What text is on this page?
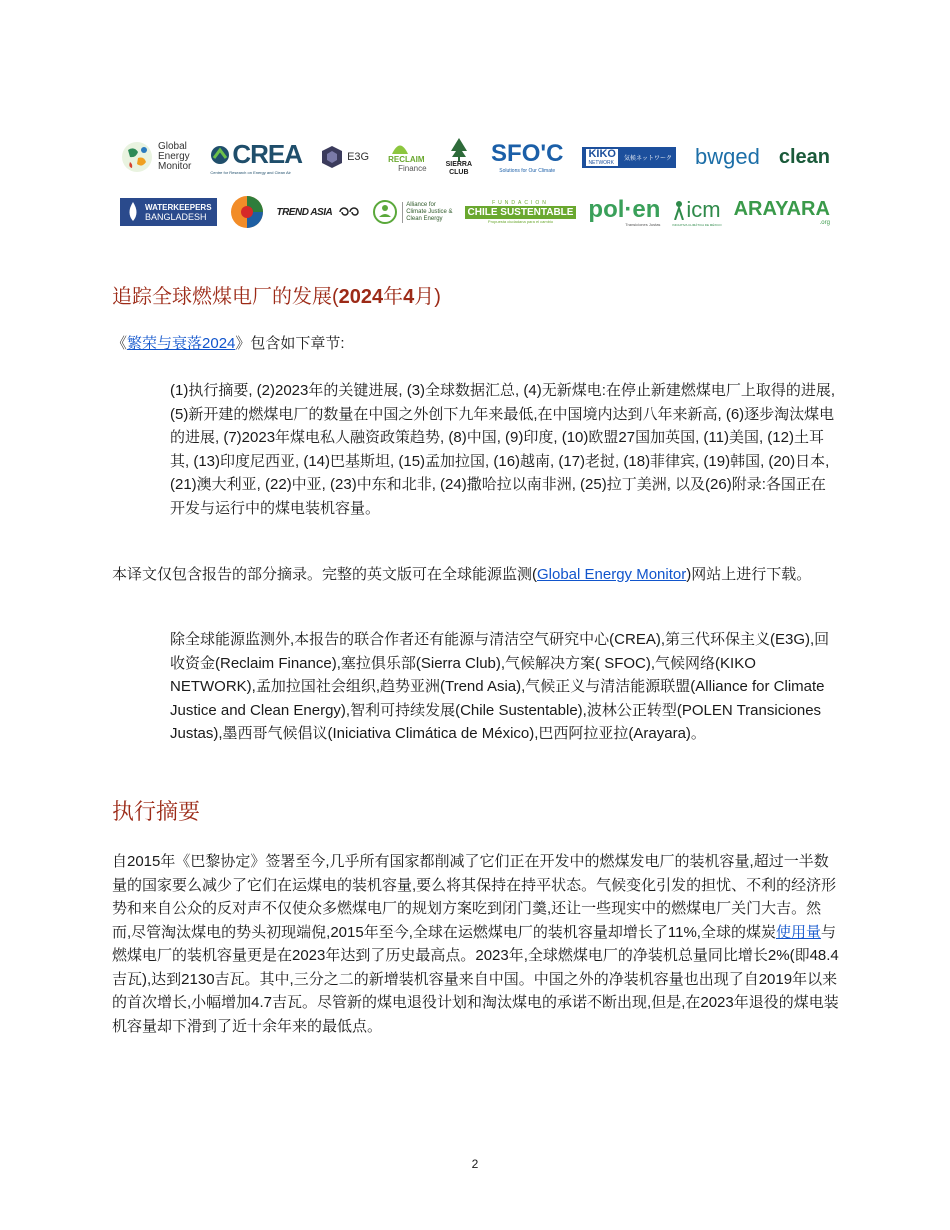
Global
Energy
Monitor CREA
Centre for Research on Energy and Clean Air
E3G RECLAIM
Finance	SIERRA
CLUB
SFO'C
Solutions for Our Climate
KIKO
NETWORK
気候ネットワーク bwged clean
WATERKEEPERS
BANGLADESH	TREND ASIA
Alliance for
Climate Justice &
Clean Energy
FUNDACION
CHILE SUSTENTABLE
Propuesta ciudadana para el cambio pol·en
Transiciones Justas
icm
INICIATIVA CLIMÁTICA DE MÉXICO
ARAYARA
.org
追踪全球燃煤电厂的发展(2024年4月)

《繁荣与衰落2024》包含如下章节:

(1)执行摘要, (2)2023年的关键进展, (3)全球数据汇总, (4)无新煤电:在停止新建燃煤电厂上取得的进展, (5)新开建的燃煤电厂的数量在中国之外创下九年来最低,在中国境内达到八年来新高, (6)逐步淘汰煤电的进展, (7)2023年煤电私人融资政策趋势, (8)中国, (9)印度, (10)欧盟27国加英国, (11)美国, (12)土耳其, (13)印度尼西亚, (14)巴基斯坦, (15)孟加拉国, (16)越南, (17)老挝, (18)菲律宾, (19)韩国, (20)日本, (21)澳大利亚, (22)中亚, (23)中东和北非, (24)撒哈拉以南非洲, (25)拉丁美洲, 以及(26)附录:各国正在开发与运行中的煤电装机容量。

本译文仅包含报告的部分摘录。完整的英文版可在全球能源监测(Global Energy Monitor)网站上进行下载。

除全球能源监测外,本报告的联合作者还有能源与清洁空气研究中心(CREA),第三代环保主义(E3G),回收资金(Reclaim Finance),塞拉俱乐部(Sierra Club),气候解决方案( SFOC),气候网络(KIKO NETWORK),孟加拉国社会组织,趋势亚洲(Trend Asia),气候正义与清洁能源联盟(Alliance for Climate Justice and Clean Energy),智利可持续发展(Chile Sustentable),波林公正转型(POLEN Transiciones Justas),墨西哥气候倡议(Iniciativa Climática de México),巴西阿拉亚拉(Arayara)。

执行摘要

自2015年《巴黎协定》签署至今,几乎所有国家都削减了它们正在开发中的燃煤发电厂的装机容量,超过一半数量的国家要么减少了它们在运煤电的装机容量,要么将其保持在持平状态。气候变化引发的担忧、不利的经济形势和来自公众的反对声不仅使众多燃煤电厂的规划方案吃到闭门羹,还让一些现实中的燃煤电厂关门大吉。然而,尽管淘汰煤电的势头初现端倪,2015年至今,全球在运燃煤电厂的装机容量却增长了11%,全球的煤炭使用量与燃煤电厂的装机容量更是在2023年达到了历史最高点。2023年,全球燃煤电厂的净装机总量同比增长2%(即48.4吉瓦),达到2130吉瓦。其中,三分之二的新增装机容量来自中国。中国之外的净装机容量也出现了自2019年以来的首次增长,小幅增加4.7吉瓦。尽管新的煤电退役计划和淘汰煤电的承诺不断出现,但是,在2023年退役的煤电装机容量却下滑到了近十余年来的最低点。

2
